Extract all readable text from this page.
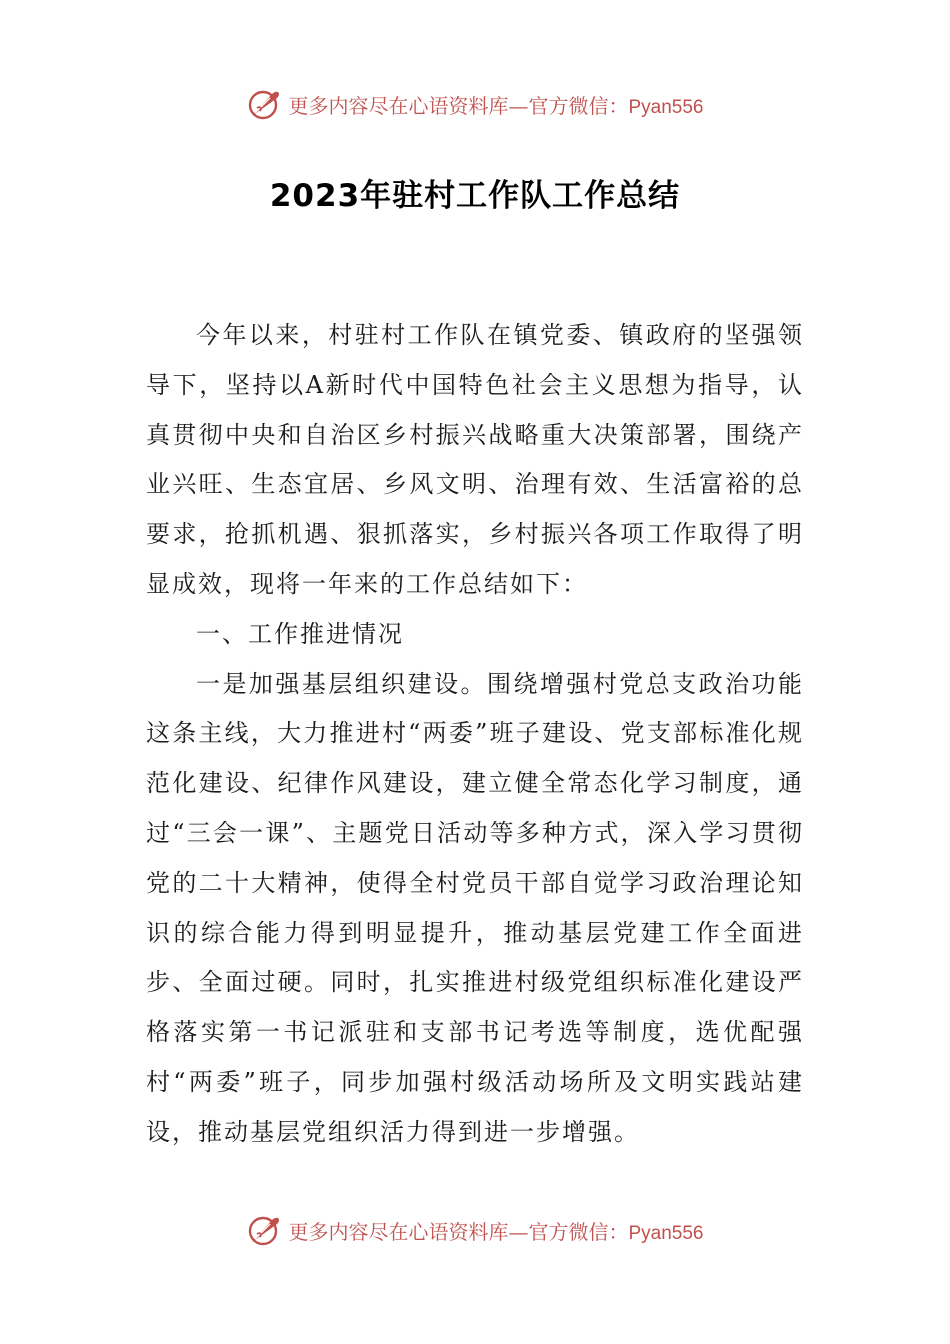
更多内容尽在心语资料库—官方微信：Pyan556
2023年驻村工作队工作总结

今年以来，村驻村工作队在镇党委、镇政府的坚强领导下，坚持以A新时代中国特色社会主义思想为指导，认真贯彻中央和自治区乡村振兴战略重大决策部署，围绕产业兴旺、生态宜居、乡风文明、治理有效、生活富裕的总要求，抢抓机遇、狠抓落实，乡村振兴各项工作取得了明显成效，现将一年来的工作总结如下：

一、工作推进情况

一是加强基层组织建设。围绕增强村党总支政治功能这条主线，大力推进村“两委”班子建设、党支部标准化规范化建设、纪律作风建设，建立健全常态化学习制度，通过“三会一课”、主题党日活动等多种方式，深入学习贯彻党的二十大精神，使得全村党员干部自觉学习政治理论知识的综合能力得到明显提升，推动基层党建工作全面进步、全面过硬。同时，扎实推进村级党组织标准化建设严格落实第一书记派驻和支部书记考选等制度，选优配强村“两委”班子，同步加强村级活动场所及文明实践站建设，推动基层党组织活力得到进一步增强。

更多内容尽在心语资料库—官方微信：Pyan556
